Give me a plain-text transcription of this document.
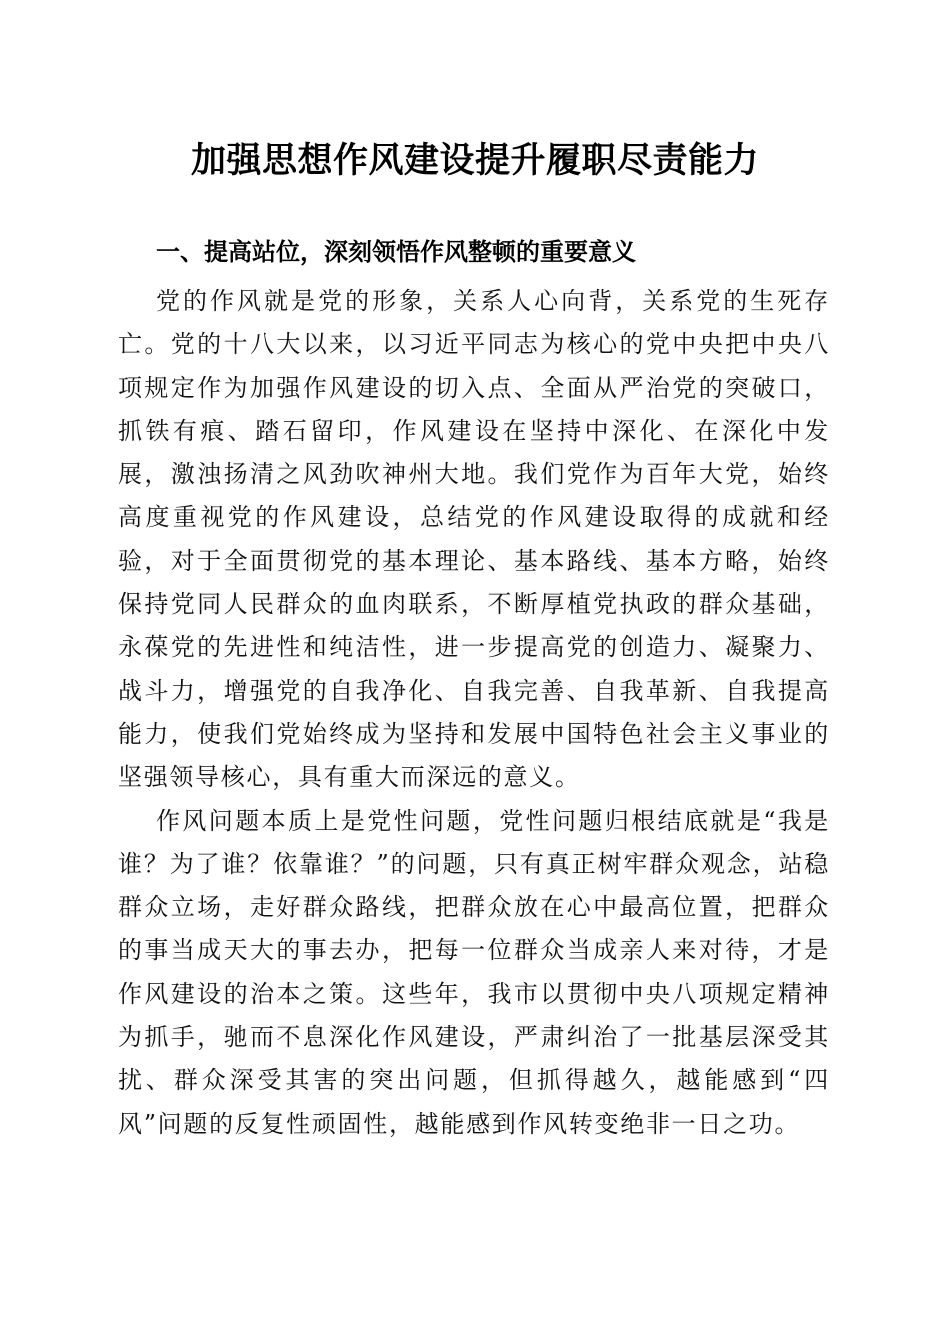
加强思想作风建设提升履职尽责能力
一、提高站位，深刻领悟作风整顿的重要意义

党的作风就是党的形象，关系人心向背，关系党的生死存亡。党的十八大以来，以习近平同志为核心的党中央把中央八项规定作为加强作风建设的切入点、全面从严治党的突破口，抓铁有痕、踏石留印，作风建设在坚持中深化、在深化中发展，激浊扬清之风劲吹神州大地。我们党作为百年大党，始终高度重视党的作风建设，总结党的作风建设取得的成就和经验，对于全面贯彻党的基本理论、基本路线、基本方略，始终保持党同人民群众的血肉联系，不断厚植党执政的群众基础，永葆党的先进性和纯洁性，进一步提高党的创造力、凝聚力、战斗力，增强党的自我净化、自我完善、自我革新、自我提高能力，使我们党始终成为坚持和发展中国特色社会主义事业的坚强领导核心，具有重大而深远的意义。

作风问题本质上是党性问题，党性问题归根结底就是“我是谁？为了谁？依靠谁？”的问题，只有真正树牢群众观念，站稳群众立场，走好群众路线，把群众放在心中最高位置，把群众的事当成天大的事去办，把每一位群众当成亲人来对待，才是作风建设的治本之策。这些年，我市以贯彻中央八项规定精神为抓手，驰而不息深化作风建设，严肃纠治了一批基层深受其扰、群众深受其害的突出问题，但抓得越久，越能感到“四风”问题的反复性顽固性，越能感到作风转变绝非一日之功。
